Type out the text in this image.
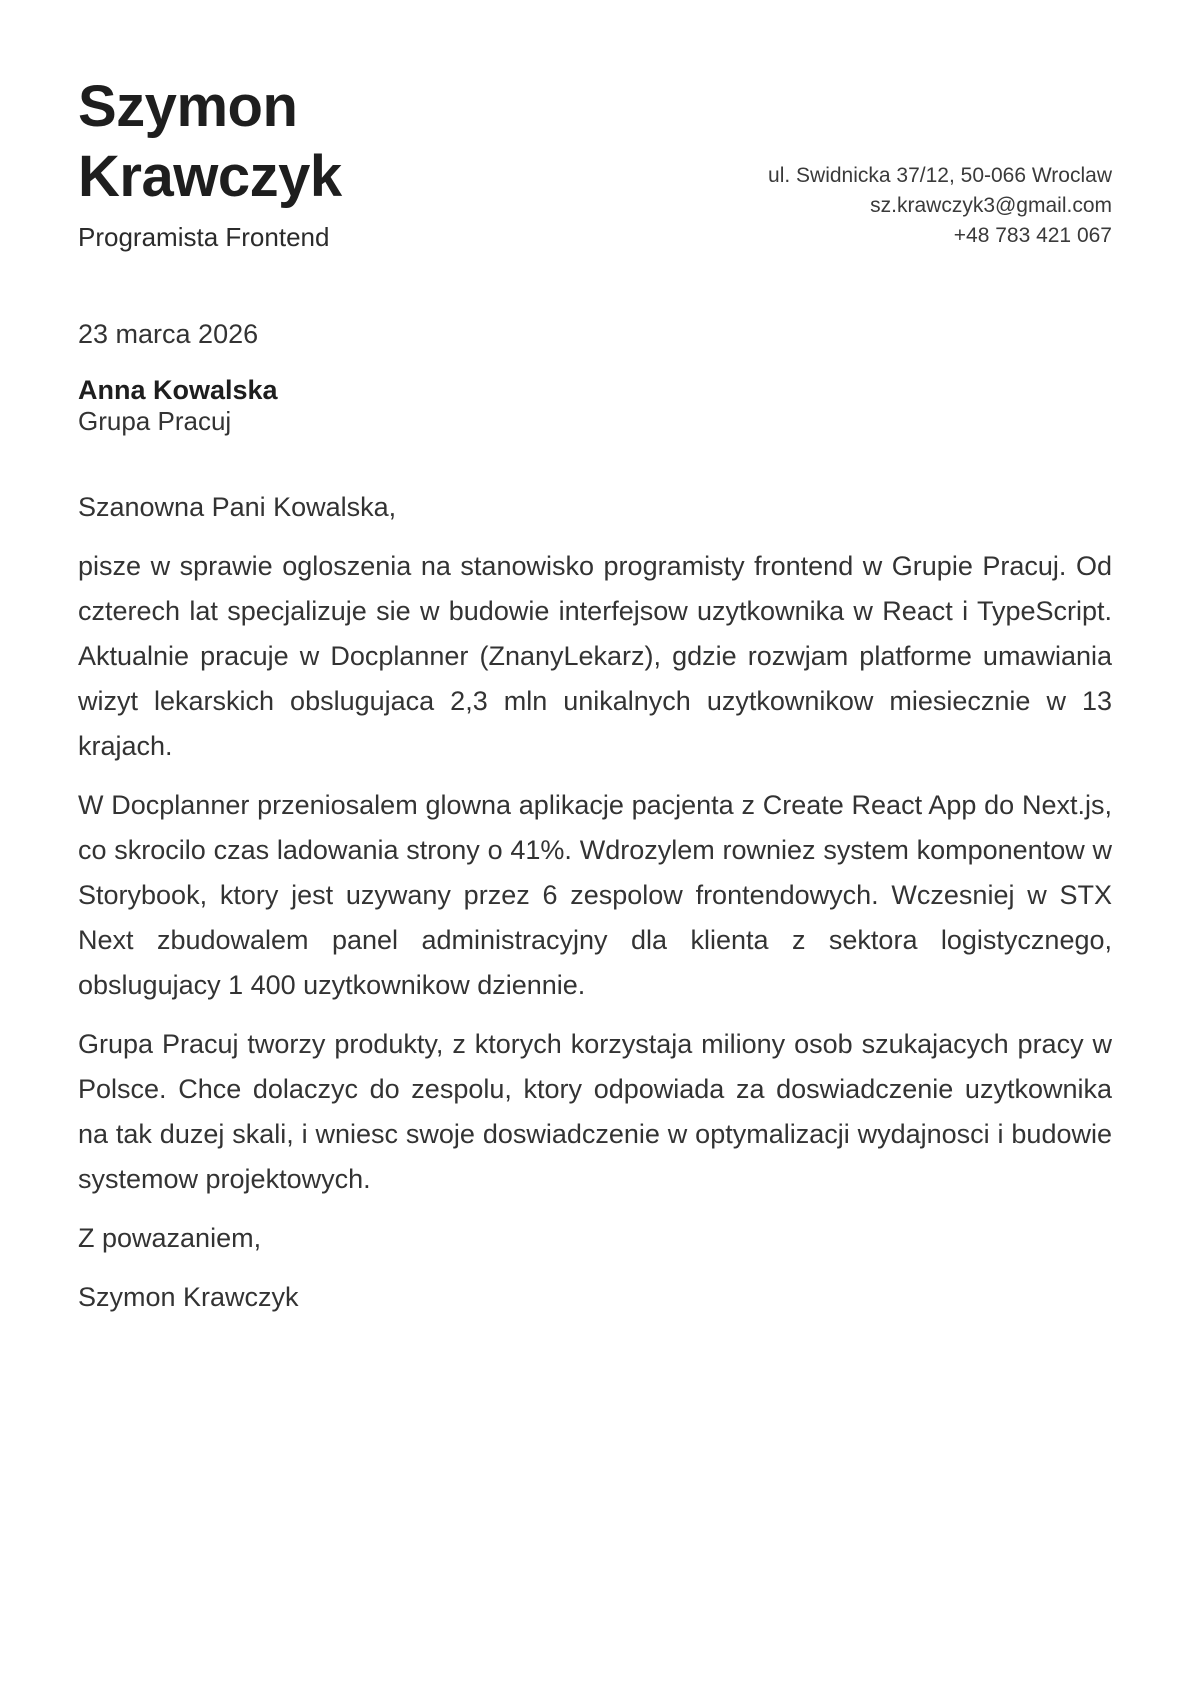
Szymon
Krawczyk
Programista Frontend
ul. Swidnicka 37/12, 50-066 Wroclaw
sz.krawczyk3@gmail.com
+48 783 421 067
23 marca 2026
Anna Kowalska
Grupa Pracuj

Szanowna Pani Kowalska,

pisze w sprawie ogloszenia na stanowisko programisty frontend w Grupie Pracuj. Od czterech lat specjalizuje sie w budowie interfejsow uzytkownika w React i TypeScript. Aktualnie pracuje w Docplanner (ZnanyLekarz), gdzie rozwjam platforme umawiania wizyt lekarskich obslugujaca 2,3 mln unikalnych uzytkownikow miesiecznie w 13 krajach.

W Docplanner przeniosalem glowna aplikacje pacjenta z Create React App do Next.js, co skrocilo czas ladowania strony o 41%. Wdrozylem rowniez system komponentow w Storybook, ktory jest uzywany przez 6 zespolow frontendowych. Wczesniej w STX Next zbudowalem panel administracyjny dla klienta z sektora logistycznego, obslugujacy 1 400 uzytkownikow dziennie.

Grupa Pracuj tworzy produkty, z ktorych korzystaja miliony osob szukajacych pracy w Polsce. Chce dolaczyc do zespolu, ktory odpowiada za doswiadczenie uzytkownika na tak duzej skali, i wniesc swoje doswiadczenie w optymalizacji wydajnosci i budowie systemow projektowych.

Z powazaniem,

Szymon Krawczyk
